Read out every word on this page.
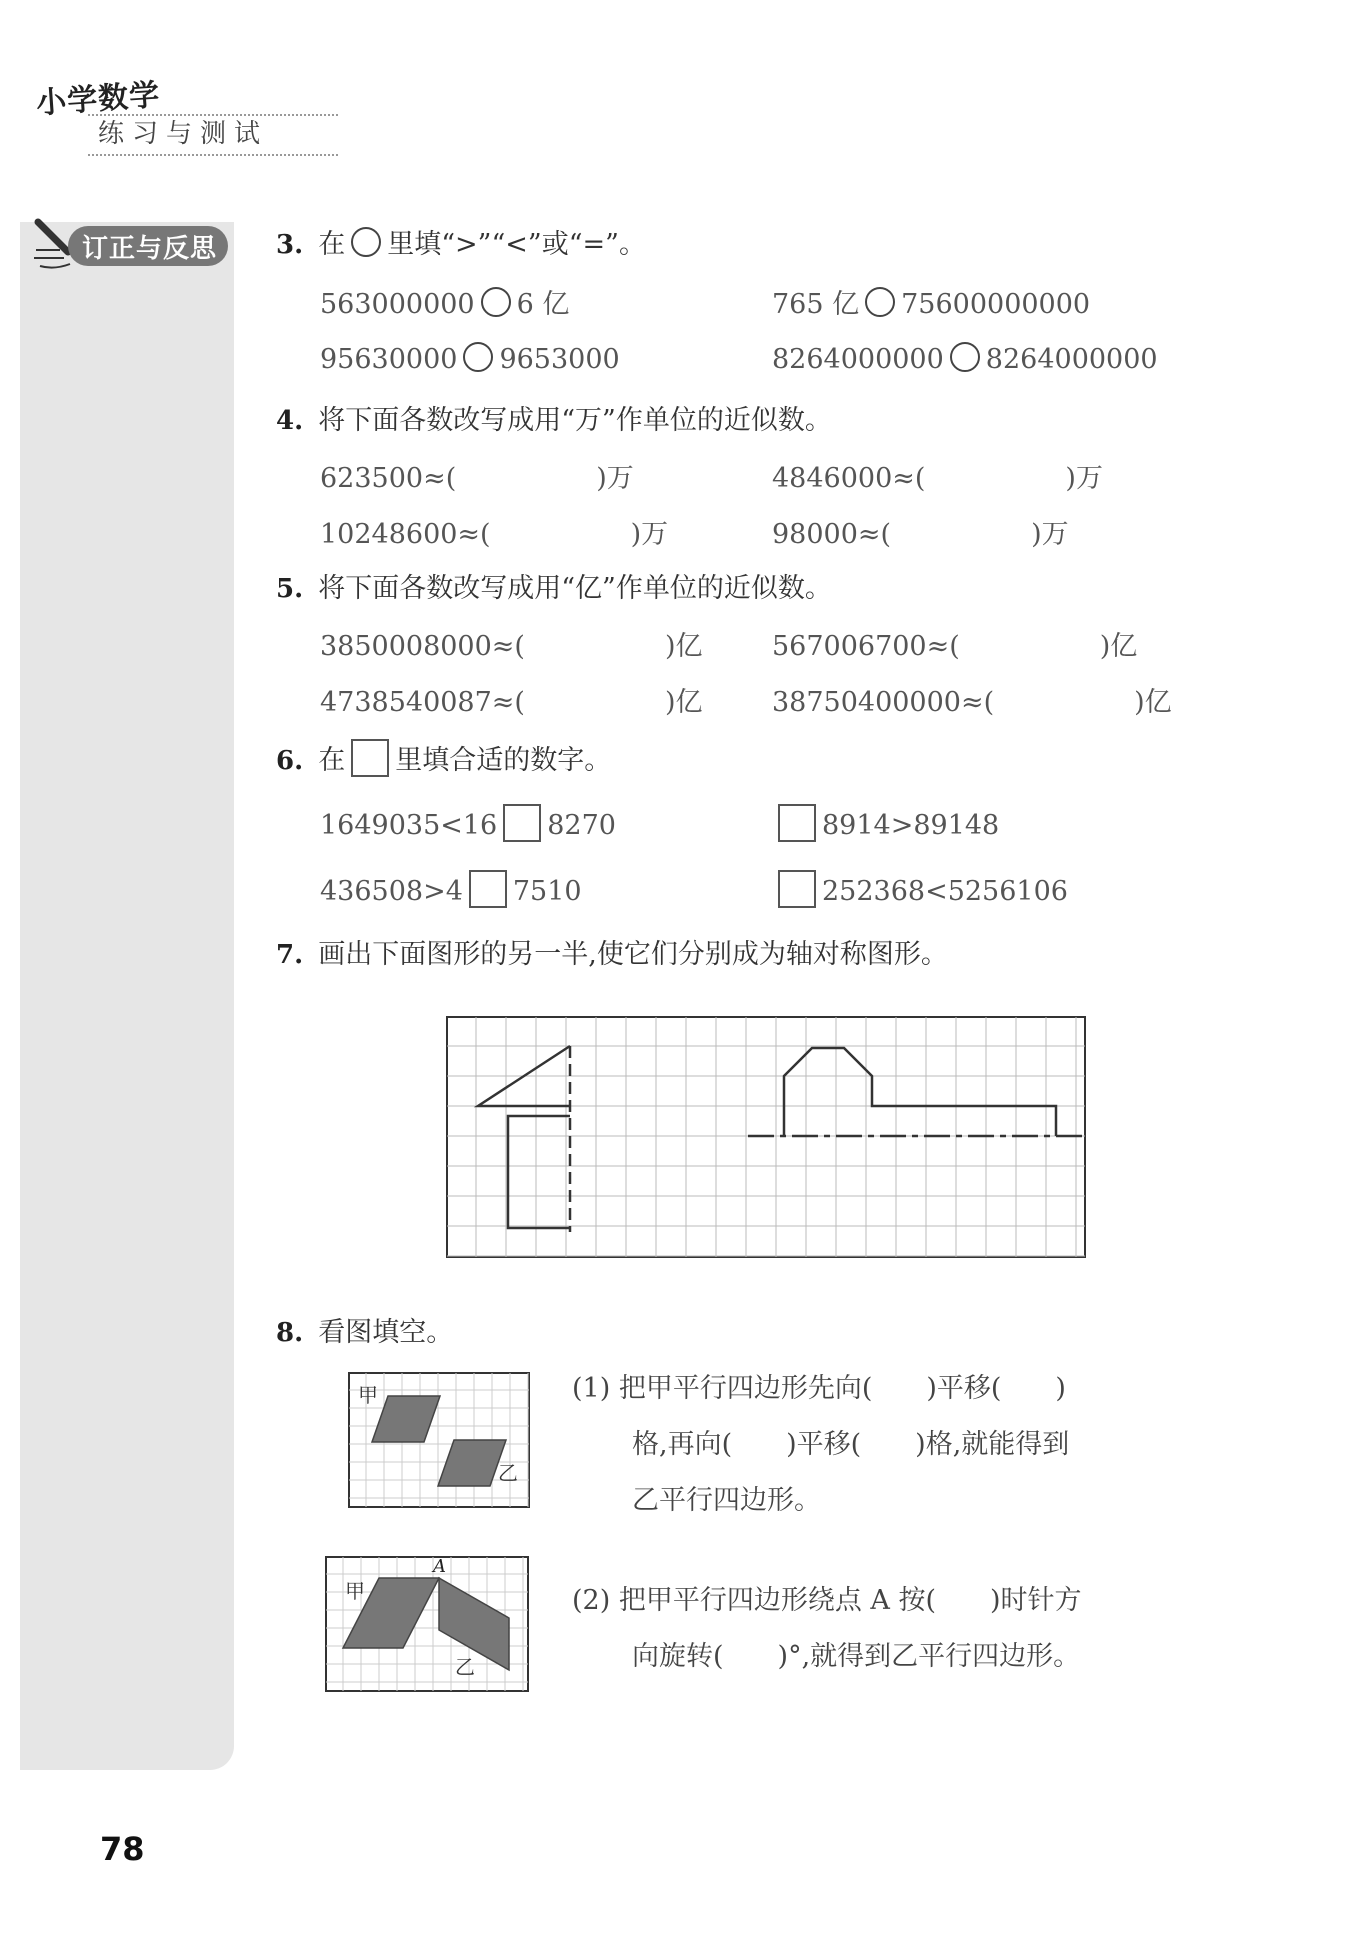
小学数学
练习与测试
订正与反思 3. 在 里填“>”“<”或“=”。
563000000 6 亿	765 亿 75600000000
95630000 9653000	8264000000 8264000000
4. 将下面各数改写成用“万”作单位的近似数。
623500≈(	)万	4846000≈(	)万
10248600≈(	)万	98000≈(	)万
5. 将下面各数改写成用“亿”作单位的近似数。
3850008000≈(	)亿	567006700≈(	)亿
4738540087≈(	)亿	38750400000≈(	)亿
6. 在 里填合适的数字。
1649035<16 8270	8914>89148
436508>4 7510	252368<5256106
7. 画出下面图形的另一半,使它们分别成为轴对称图形。
8. 看图填空。
甲
乙
甲
乙
A
(1) 把甲平行四边形先向(　　)平移(　　)
格,再向(　　)平移(　　)格,就能得到
乙平行四边形。
(2) 把甲平行四边形绕点 A 按(　　)时针方
向旋转(　　)°,就得到乙平行四边形。
78
